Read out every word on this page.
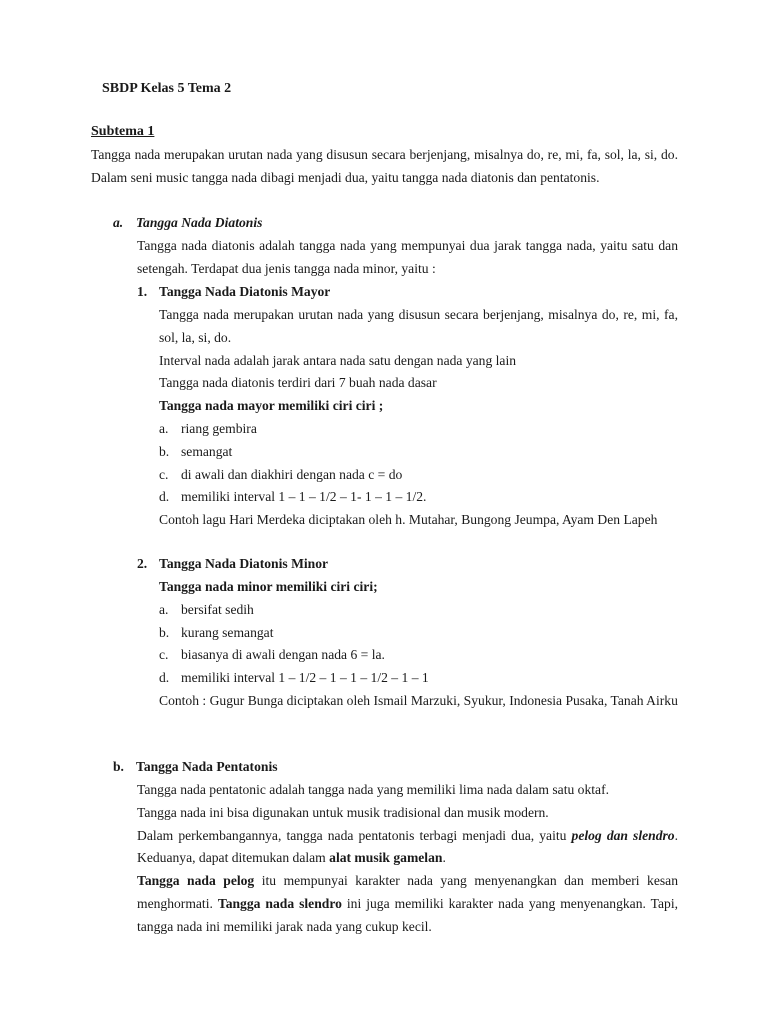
SBDP Kelas 5 Tema 2
Subtema 1
Tangga nada merupakan urutan nada yang disusun secara berjenjang, misalnya do, re, mi, fa, sol, la, si, do. Dalam seni music tangga nada dibagi menjadi dua, yaitu tangga nada diatonis dan pentatonis.
a. Tangga Nada Diatonis
Tangga nada diatonis adalah tangga nada yang mempunyai dua jarak tangga nada, yaitu satu dan setengah. Terdapat dua jenis tangga nada minor, yaitu :
1. Tangga Nada Diatonis Mayor
Tangga nada merupakan urutan nada yang disusun secara berjenjang, misalnya do, re, mi, fa, sol, la, si, do.
Interval nada adalah jarak antara nada satu dengan nada yang lain
Tangga nada diatonis terdiri dari 7 buah nada dasar
Tangga nada mayor memiliki ciri ciri ;
a. riang gembira
b. semangat
c. di awali dan diakhiri dengan nada c = do
d. memiliki interval 1 – 1 – 1/2 – 1- 1 – 1 – 1/2.
Contoh lagu Hari Merdeka diciptakan oleh h. Mutahar, Bungong Jeumpa, Ayam Den Lapeh
2. Tangga Nada Diatonis Minor
Tangga nada minor memiliki ciri ciri;
a. bersifat sedih
b. kurang semangat
c. biasanya di awali dengan nada 6 = la.
d. memiliki interval 1 – 1/2 – 1 – 1 – 1/2 – 1 – 1
Contoh : Gugur Bunga diciptakan oleh Ismail Marzuki, Syukur, Indonesia Pusaka, Tanah Airku
b. Tangga Nada Pentatonis
Tangga nada pentatonic adalah tangga nada yang memiliki lima nada dalam satu oktaf.
Tangga nada ini bisa digunakan untuk musik tradisional dan musik modern.
Dalam perkembangannya, tangga nada pentatonis terbagi menjadi dua, yaitu pelog dan slendro. Keduanya, dapat ditemukan dalam alat musik gamelan.
Tangga nada pelog itu mempunyai karakter nada yang menyenangkan dan memberi kesan menghormati. Tangga nada slendro ini juga memiliki karakter nada yang menyenangkan. Tapi, tangga nada ini memiliki jarak nada yang cukup kecil.
